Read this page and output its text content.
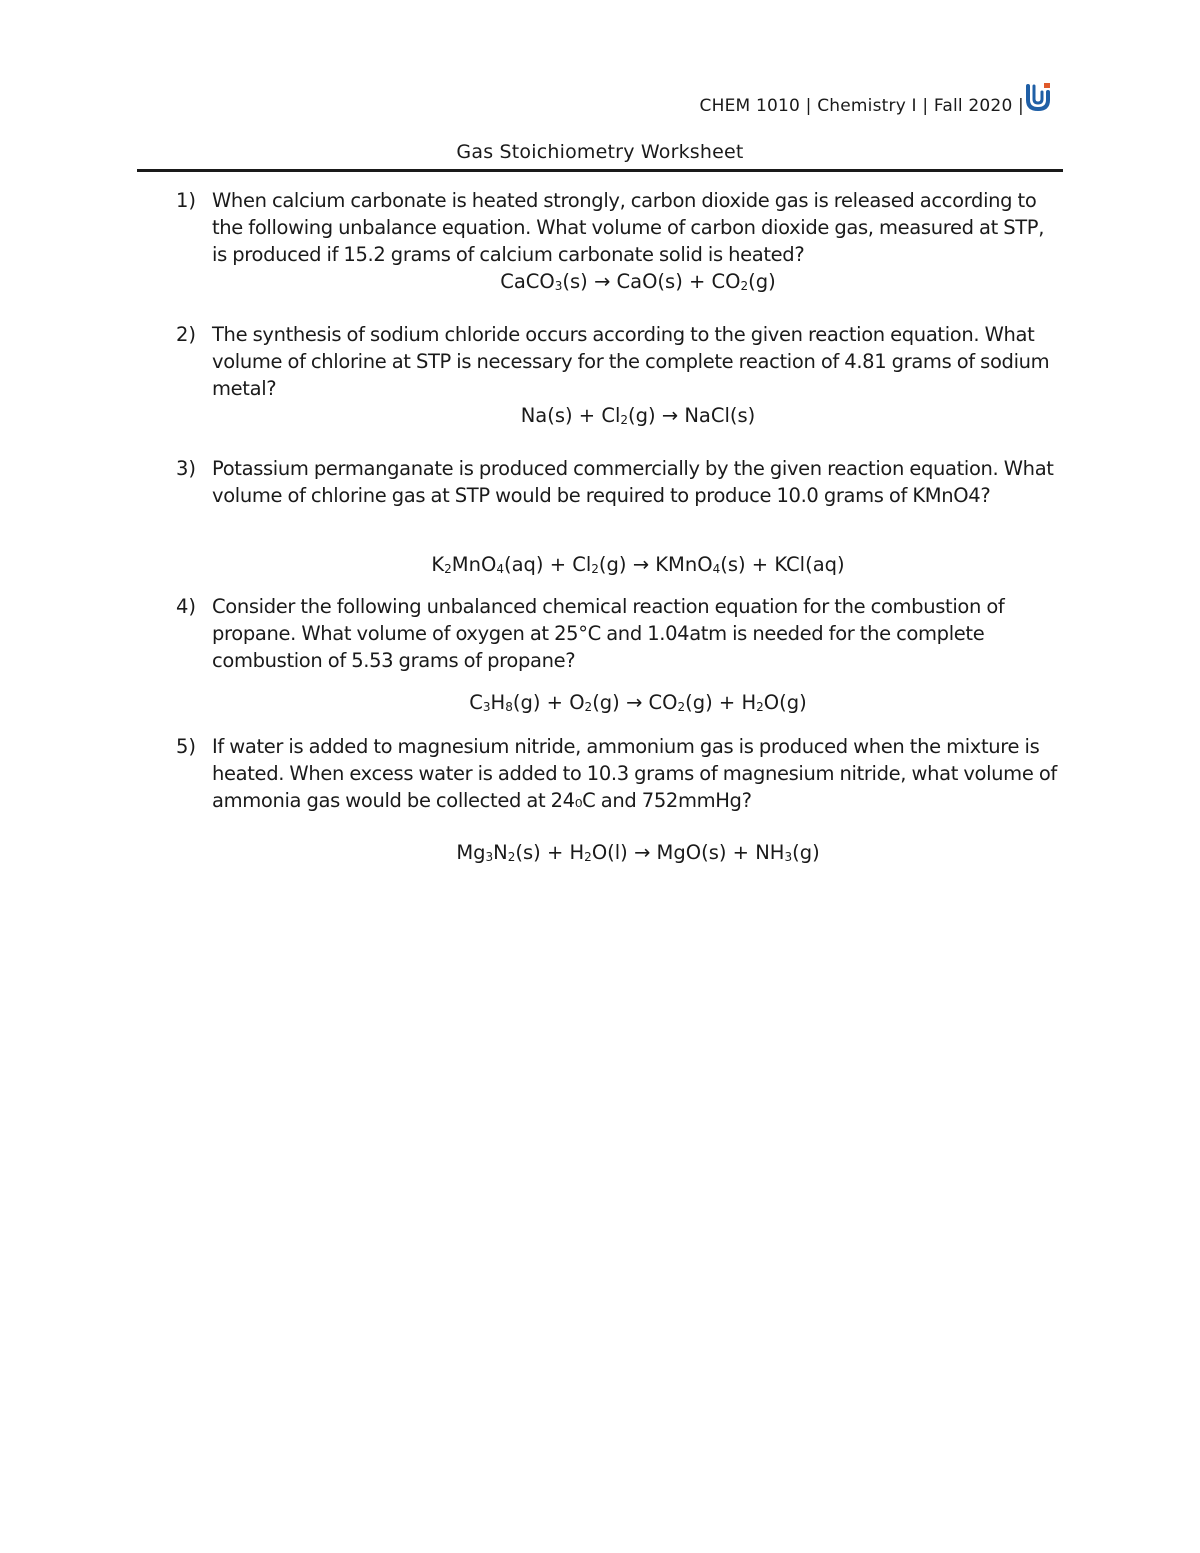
CHEM 1010 | Chemistry I | Fall 2020 |
Gas Stoichiometry Worksheet
1) When calcium carbonate is heated strongly, carbon dioxide gas is released according to the following unbalance equation. What volume of carbon dioxide gas, measured at STP, is produced if 15.2 grams of calcium carbonate solid is heated?
CaCO$_3$(s) → $CaO(s) + CO_2(g)$
2) The synthesis of sodium chloride occurs according to the given reaction equation. What volume of chlorine at STP is necessary for the complete reaction of 4.81 grams of sodium metal?
$Na(s) + Cl_2(g)$ → NaCl(s)
3) Potassium permanganate is produced commercially by the given reaction equation. What volume of chlorine gas at STP would be required to produce 10.0 grams of KMnO4?
$K_2MnO_4(aq) + Cl_2(g)$ → KMnO$_4$(s) + KCl(aq)
4) Consider the following unbalanced chemical reaction equation for the combustion of propane. What volume of oxygen at 25°C and 1.04atm is needed for the complete combustion of 5.53 grams of propane?
$C_3H_8(g) + O_2(g) \to CO_2(g) + H_2O(g)$
5) If water is added to magnesium nitride, ammonium gas is produced when the mixture is heated. When excess water is added to 10.3 grams of magnesium nitride, what volume of ammonia gas would be collected at 24₀C and 752mmHg?
$Mg_3N_2(s) + H_2O(l) \to MgO(s) + NH_3(g)$
